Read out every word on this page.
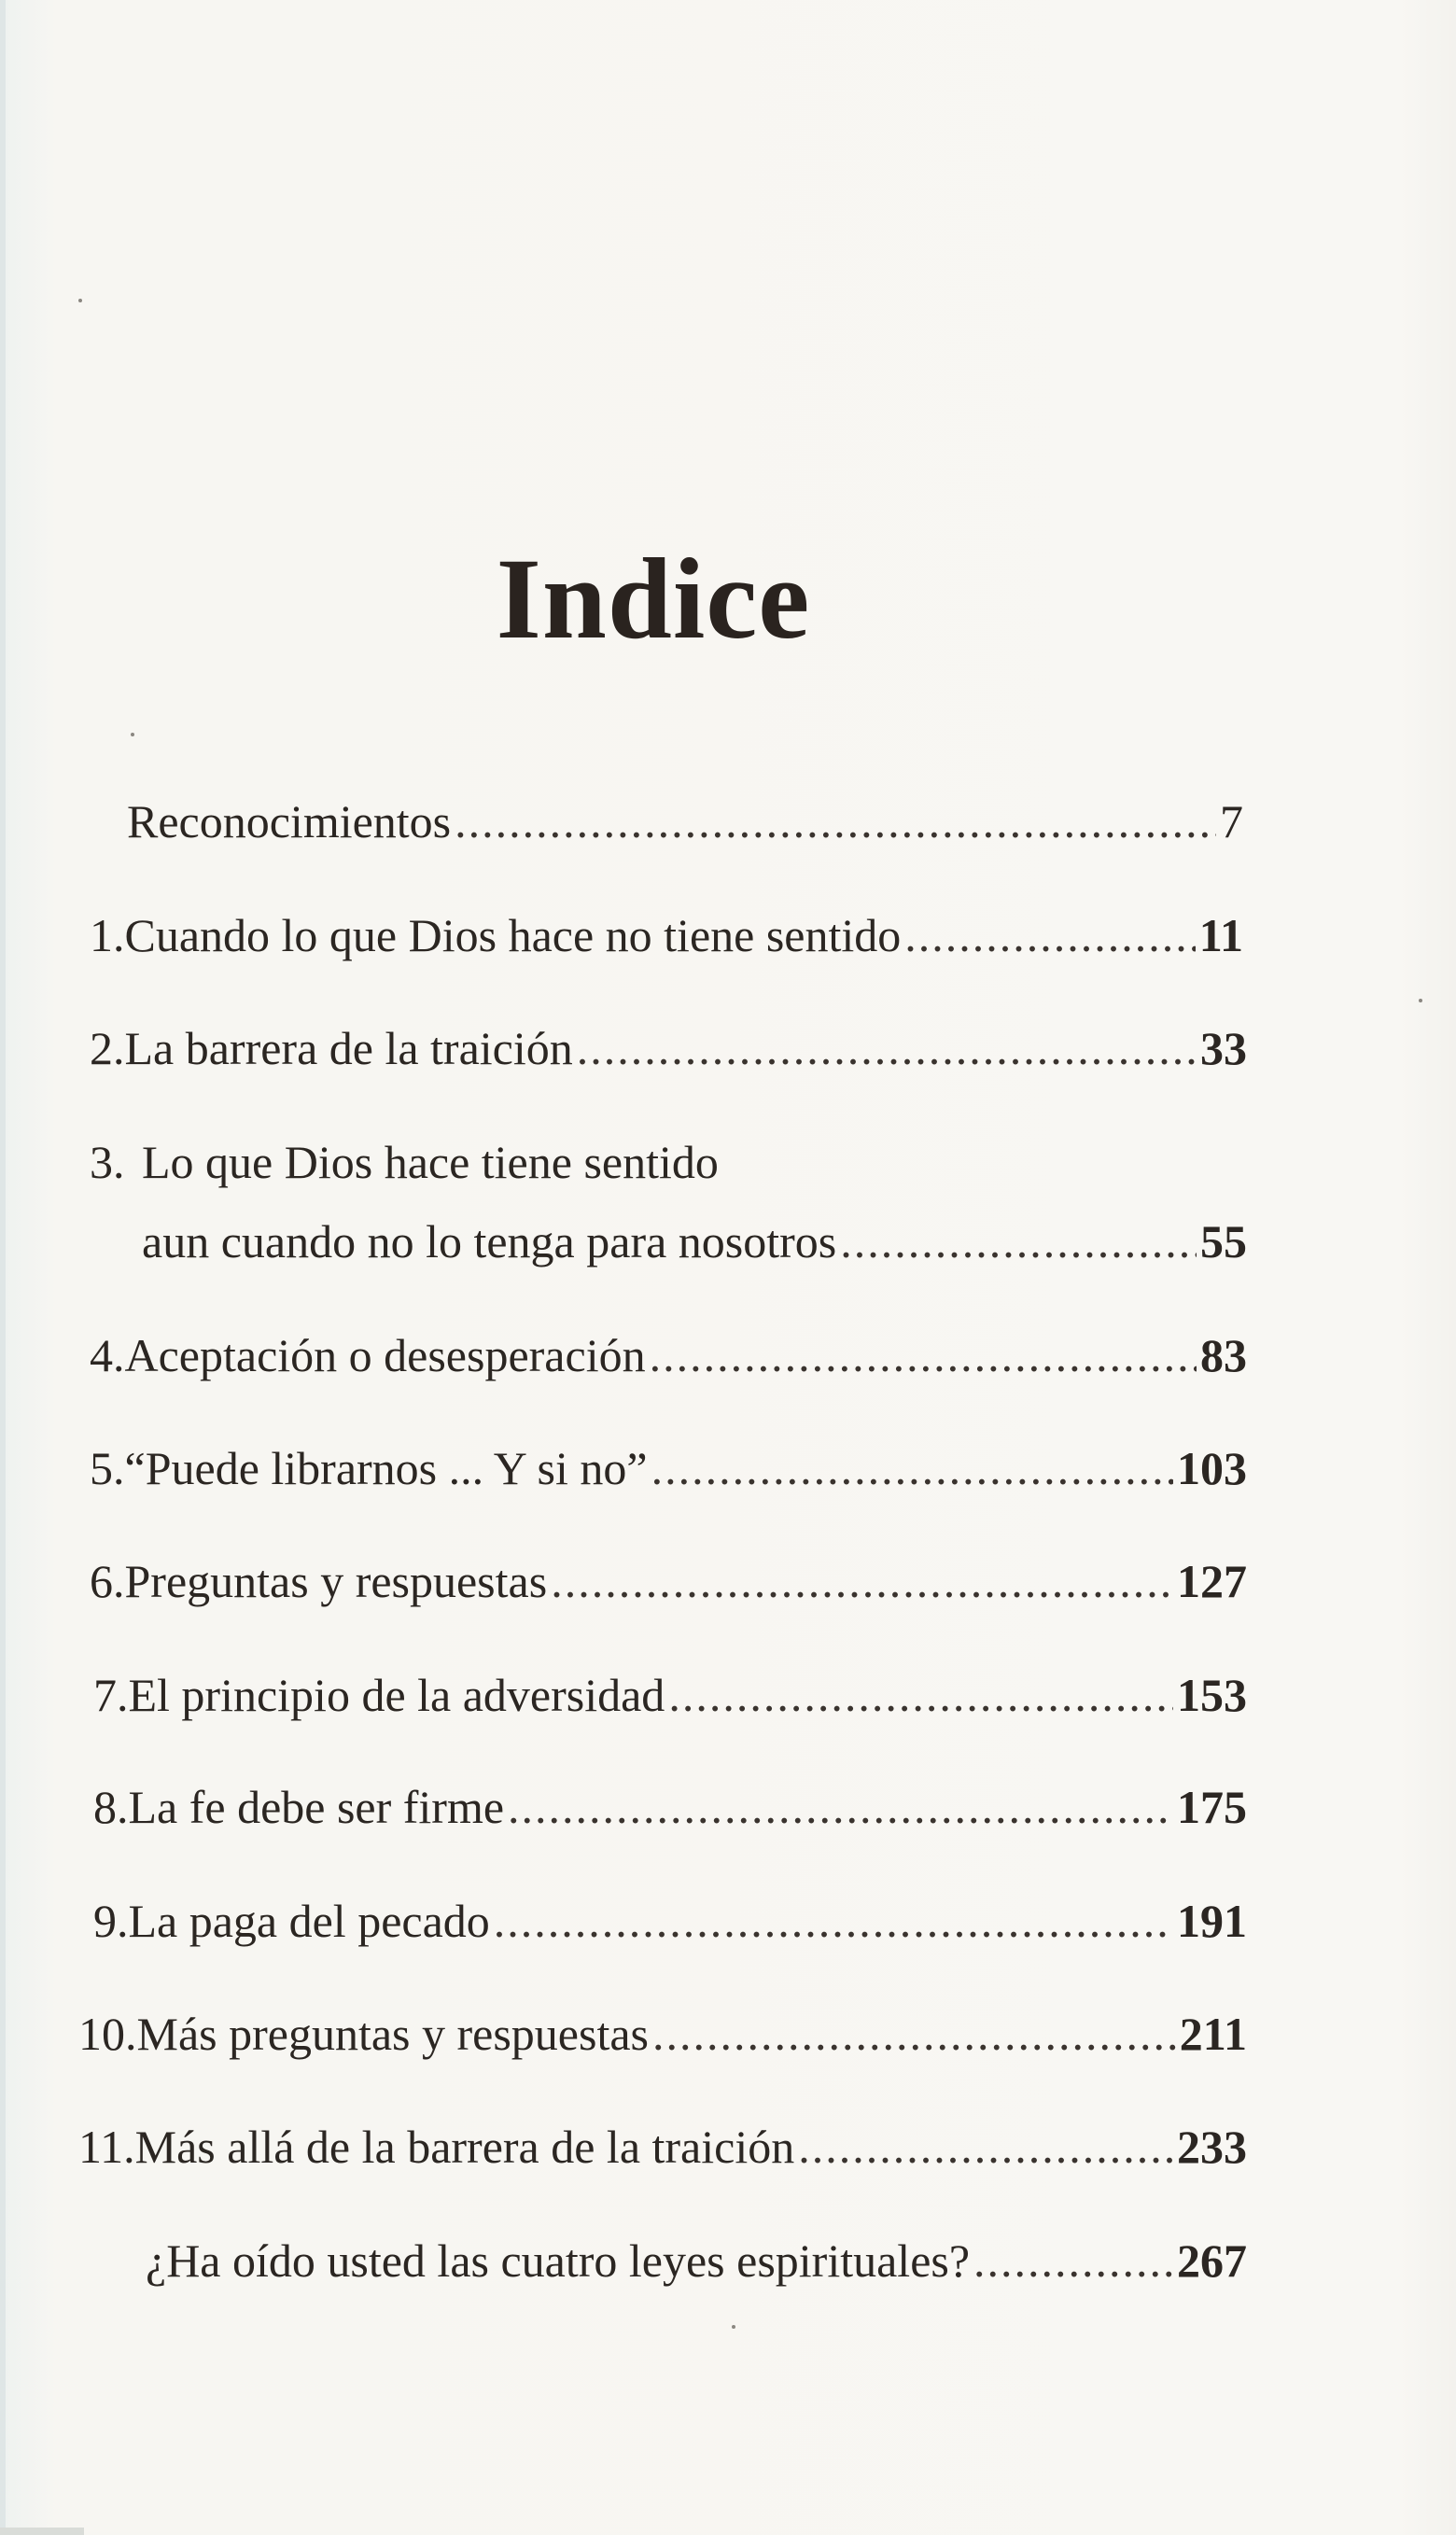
Indice
Reconocimientos .....	7
1. Cuando lo que Dios hace no tiene sentido .....	11
2. La barrera de la traición .....	33
3. Lo que Dios hace tiene sentido
aun cuando no lo tenga para nosotros .....	55
4. Aceptación o desesperación .....	83
5. “Puede librarnos ... Y si no” .....	103
6. Preguntas y respuestas .....	127
7. El principio de la adversidad .....	153
8. La fe debe ser firme .....	175
9. La paga del pecado .....	191
10. Más preguntas y respuestas .....	211
11. Más allá de la barrera de la traición .....	233
¿Ha oído usted las cuatro leyes espirituales? .....	267
